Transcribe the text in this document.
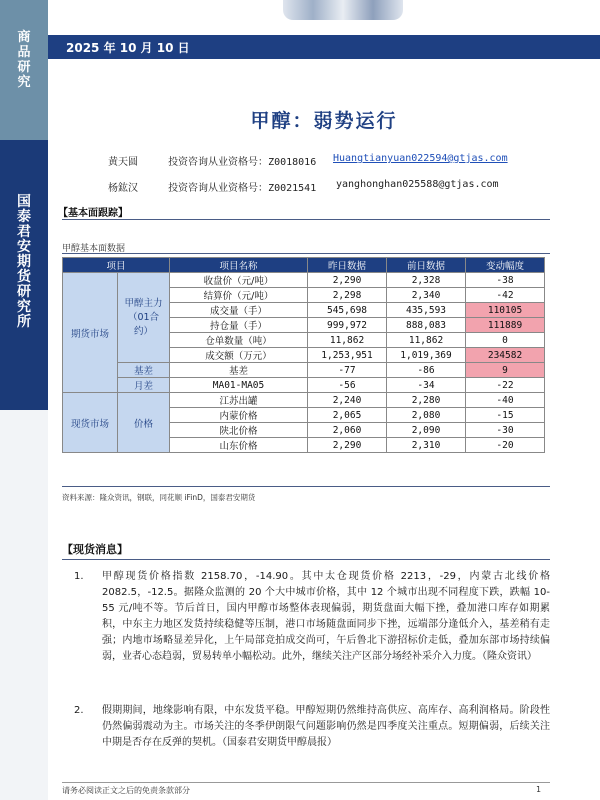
商
品
研
究
国
泰
君
安
期
货
研
究
所
2025 年 10 月 10 日
甲醇：弱势运行
黄天圆	投资咨询从业资格号：Z0018016 Huangtianyuan022594@gtjas.com
杨鈜汉	投资咨询从业资格号：Z0021541 yanghonghan025588@gtjas.com
【基本面跟踪】
甲醇基本面数据
项目		项目名称	昨日数据	前日数据	变动幅度
期货市场	甲醇主力（01合约）	收盘价（元/吨）	2,290	2,328	-38
		结算价（元/吨）	2,298	2,340	-42
		成交量（手）	545,698	435,593	110105
		持仓量（手）	999,972	888,083	111889
		仓单数量（吨）	11,862	11,862	0
		成交额（万元）	1,253,951	1,019,369	234582
	基差	基差	-77	-86	9
	月差	MA01-MA05	-56	-34	-22
现货市场	价格	江苏出罐	2,240	2,280	-40
		内蒙价格	2,065	2,080	-15
		陕北价格	2,060	2,090	-30
		山东价格	2,290	2,310	-20
资料来源：隆众资讯，钢联，同花顺 iFinD，国泰君安期货
【现货消息】
1.	甲醇现货价格指数 2158.70，-14.90。其中太仓现货价格 2213，-29，内蒙古北线价格 2082.5，-12.5。据隆众监测的 20 个大中城市价格，其中 12 个城市出现不同程度下跌，跌幅 10-55 元/吨不等。节后首日，国内甲醇市场整体表现偏弱，期货盘面大幅下挫，叠加港口库存如期累积，中东主力地区发货持续稳健等压制，港口市场随盘面同步下挫，远端部分逢低介入，基差稍有走强；内地市场略显差异化，上午局部竞拍成交尚可，午后鲁北下游招标价走低，叠加东部市场持续偏弱，业者心态趋弱，贸易转单小幅松动。此外，继续关注产区部分场经补采介入力度。（隆众资讯）
2.	假期期间，地缘影响有限，中东发货平稳。甲醇短期仍然维持高供应、高库存、高利润格局。阶段性仍然偏弱震动为主。市场关注的冬季伊朗限气问题影响仍然是四季度关注重点。短期偏弱，后续关注中期是否存在反弹的契机。（国泰君安期货甲醇晨报）
请务必阅读正文之后的免责条款部分	1
